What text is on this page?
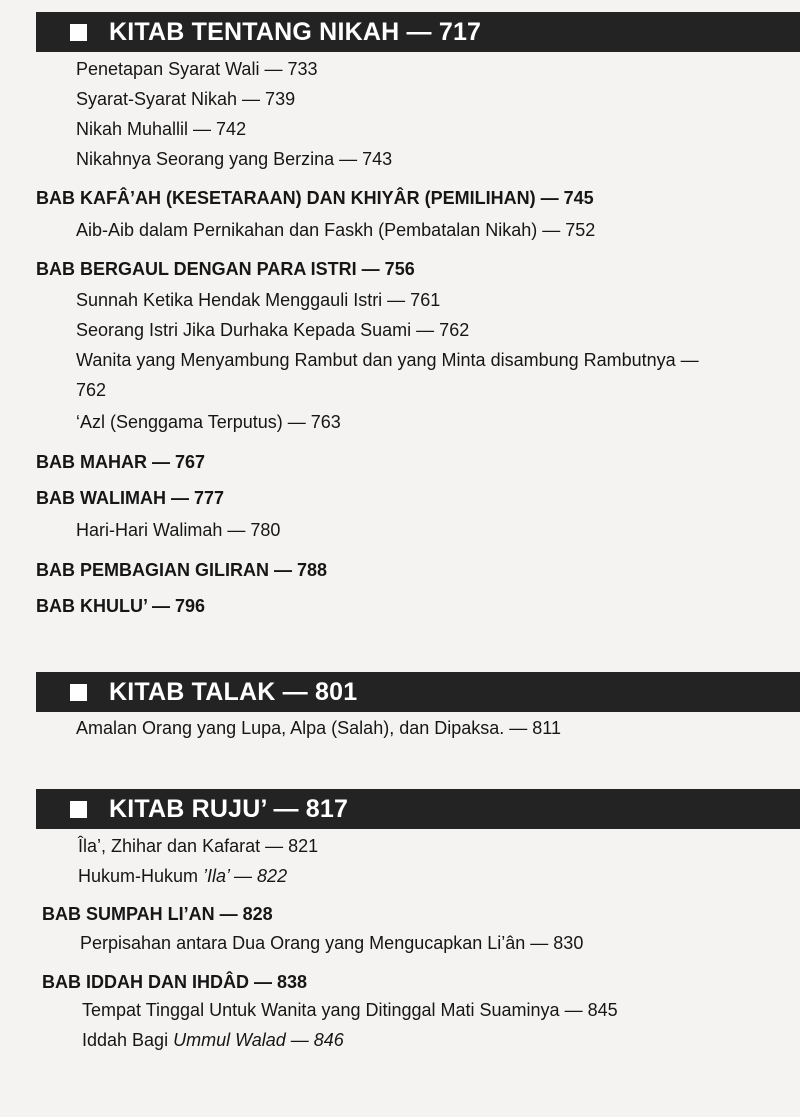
KITAB TENTANG NIKAH — 717
Penetapan Syarat Wali — 733
Syarat-Syarat Nikah — 739
Nikah Muhallil — 742
Nikahnya Seorang yang Berzina — 743
BAB KAFÂ’AH (KESETARAAN) DAN KHIYÂR (PEMILIHAN) — 745
Aib-Aib dalam Pernikahan dan Faskh (Pembatalan Nikah) — 752
BAB BERGAUL DENGAN PARA ISTRI — 756
Sunnah Ketika Hendak Menggauli Istri — 761
Seorang Istri Jika Durhaka Kepada Suami — 762
Wanita yang Menyambung Rambut dan yang Minta disambung Rambutnya —
762
‘Azl (Senggama Terputus) — 763
BAB MAHAR — 767
BAB WALIMAH — 777
Hari-Hari Walimah — 780
BAB PEMBAGIAN GILIRAN — 788
BAB KHULU’ — 796
KITAB TALAK — 801
Amalan Orang yang Lupa, Alpa (Salah), dan Dipaksa. — 811
KITAB RUJU’ — 817
Îla’, Zhihar dan Kafarat — 821
Hukum-Hukum ’Ila’ — 822
BAB SUMPAH LI’AN — 828
Perpisahan antara Dua Orang yang Mengucapkan Li’ân — 830
BAB IDDAH DAN IHDÂD — 838
Tempat Tinggal Untuk Wanita yang Ditinggal Mati Suaminya — 845
Iddah Bagi Ummul Walad — 846
